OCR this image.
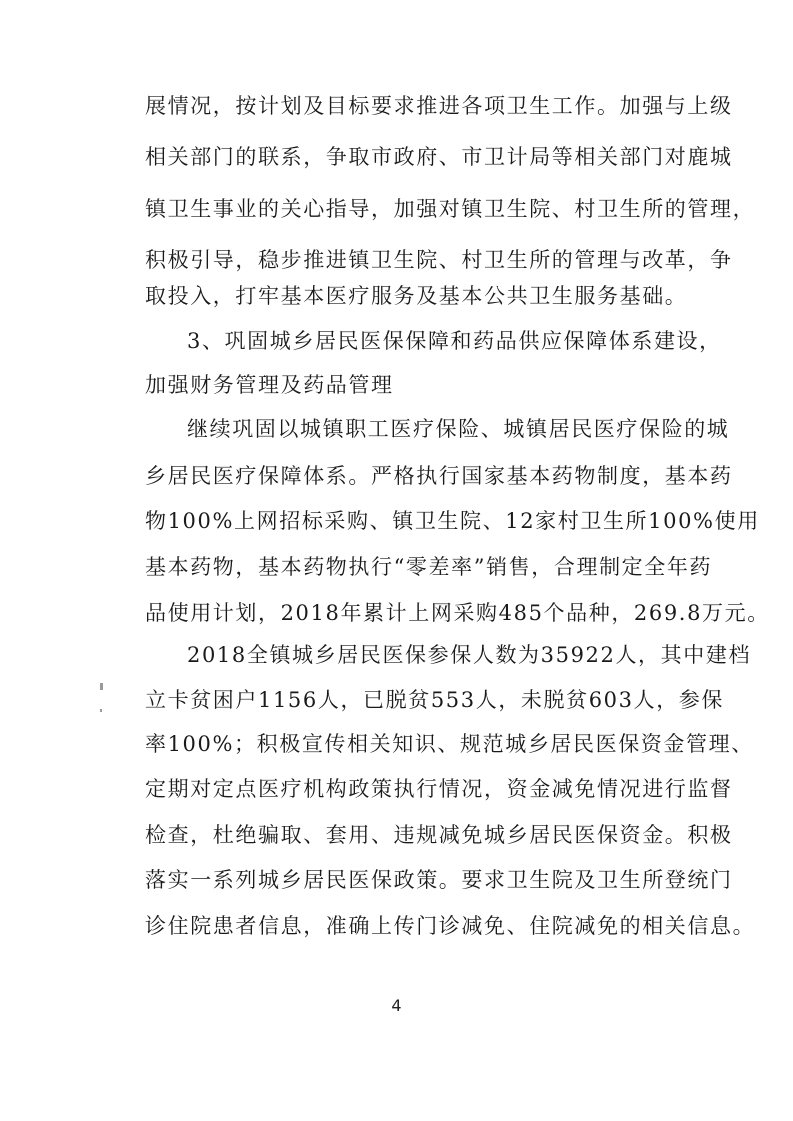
展情况，按计划及目标要求推进各项卫生工作。加强与上级
相关部门的联系，争取市政府、市卫计局等相关部门对鹿城
镇卫生事业的关心指导，加强对镇卫生院、村卫生所的管理，
积极引导，稳步推进镇卫生院、村卫生所的管理与改革，争
取投入，打牢基本医疗服务及基本公共卫生服务基础。
3、巩固城乡居民医保保障和药品供应保障体系建设，
加强财务管理及药品管理
继续巩固以城镇职工医疗保险、城镇居民医疗保险的城
乡居民医疗保障体系。严格执行国家基本药物制度，基本药
物100%上网招标采购、镇卫生院、12家村卫生所100%使用
基本药物，基本药物执行“零差率”销售，合理制定全年药
品使用计划，2018年累计上网采购485个品种，269.8万元。
2018全镇城乡居民医保参保人数为35922人，其中建档
立卡贫困户1156人，已脱贫553人，未脱贫603人，参保
率100%；积极宣传相关知识、规范城乡居民医保资金管理、
定期对定点医疗机构政策执行情况，资金减免情况进行监督
检查，杜绝骗取、套用、违规减免城乡居民医保资金。积极
落实一系列城乡居民医保政策。要求卫生院及卫生所登统门
诊住院患者信息，准确上传门诊减免、住院减免的相关信息。
4
